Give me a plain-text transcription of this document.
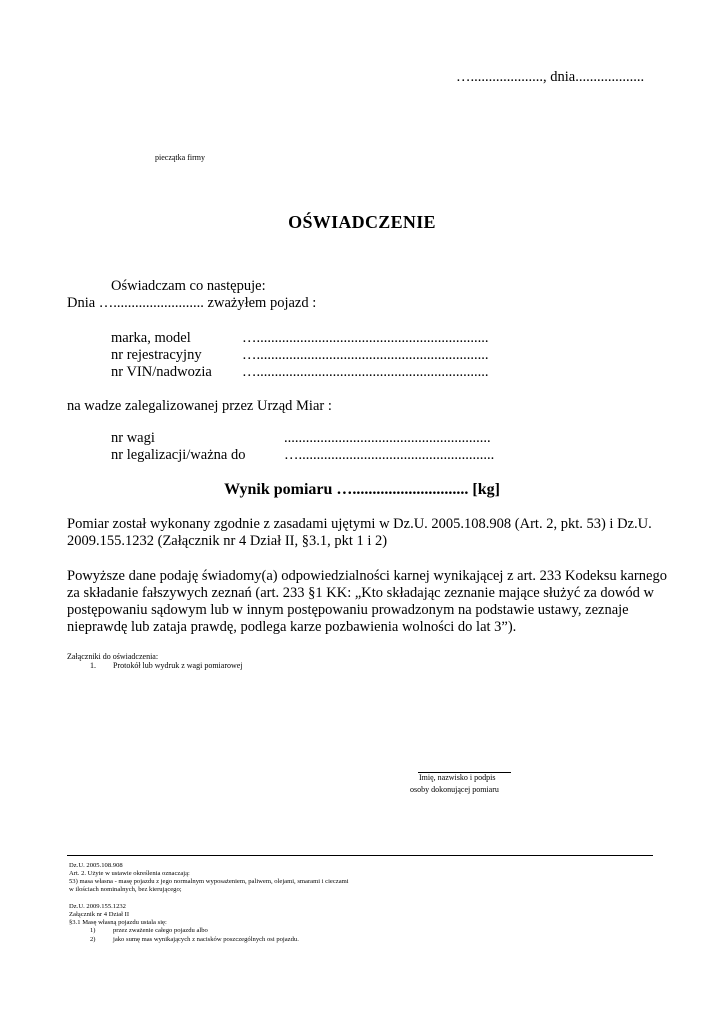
…...................., dnia...................
pieczątka firmy
OŚWIADCZENIE
Oświadczam co następuje:
Dnia …......................... zważyłem pojazd :
marka, model	…................................................................
nr rejestracyjny	…................................................................
nr VIN/nadwozia …................................................................
na wadze zalegalizowanej przez Urząd Miar :
nr wagi	.........................................................
nr legalizacji/ważna do	…......................................................
Wynik pomiaru …............................. [kg]
Pomiar został wykonany zgodnie z zasadami ujętymi w Dz.U. 2005.108.908 (Art. 2, pkt. 53) i Dz.U. 2009.155.1232 (Załącznik nr 4 Dział II, §3.1, pkt 1 i 2)
Powyższe dane podaję świadomy(a) odpowiedzialności karnej wynikającej z art. 233 Kodeksu karnego za składanie fałszywych zeznań (art. 233 §1 KK: „Kto składając zeznanie mające służyć za dowód w postępowaniu sądowym lub w innym postępowaniu prowadzonym na podstawie ustawy, zeznaje nieprawdę lub zataja prawdę, podlega karze pozbawienia wolności do lat 3”).
Załączniki do oświadczenia:
1. Protokół lub wydruk z wagi pomiarowej
Imię, nazwisko i podpis
osoby dokonującej pomiaru
Dz.U. 2005.108.908
Art. 2. Użyte w ustawie określenia oznaczają:
53) masa własna - masę pojazdu z jego normalnym wyposażeniem, paliwem, olejami, smarami i cieczami
w ilościach nominalnych, bez kierującego;
Dz.U. 2009.155.1232
Załącznik nr 4 Dział II
§3.1 Masę własną pojazdu ustala się:
1)	przez zważenie całego pojazdu albo
2)	jako sumę mas wynikających z nacisków poszczególnych osi pojazdu.
